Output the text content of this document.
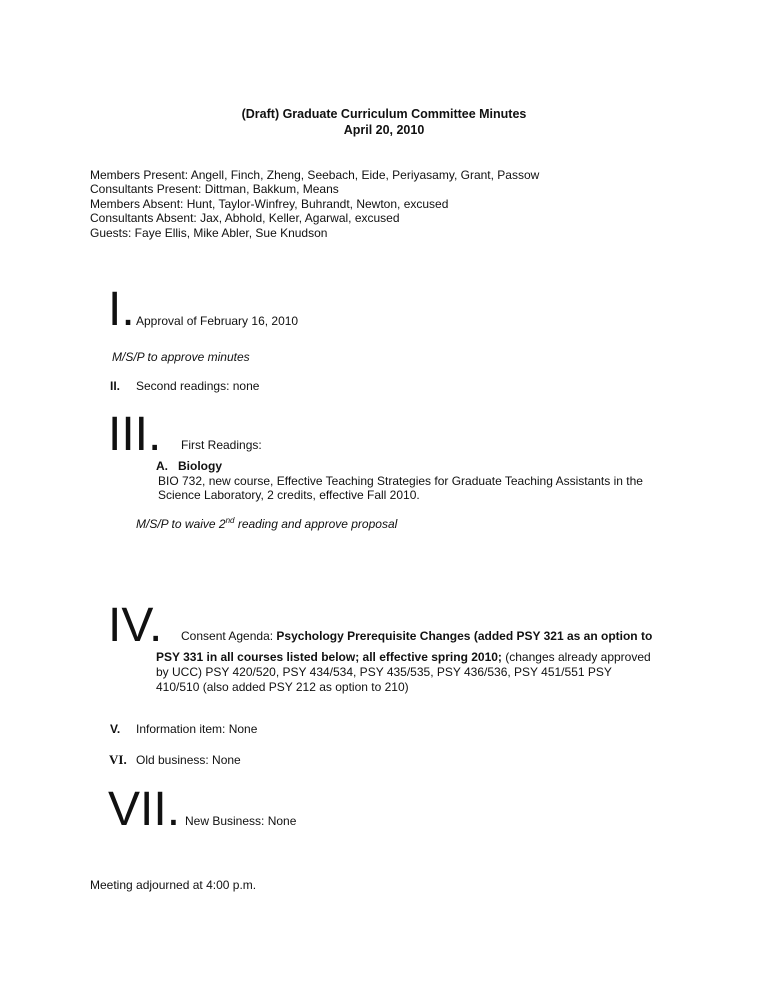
(Draft) Graduate Curriculum Committee Minutes
April 20, 2010
Members Present: Angell, Finch, Zheng, Seebach, Eide, Periyasamy, Grant, Passow
Consultants Present: Dittman, Bakkum, Means
Members Absent: Hunt, Taylor-Winfrey, Buhrandt, Newton, excused
Consultants Absent: Jax, Abhold, Keller, Agarwal, excused
Guests: Faye Ellis, Mike Abler, Sue Knudson
I. Approval of February 16, 2010
M/S/P to approve minutes
II. Second readings: none
III. First Readings:
A. Biology
BIO 732, new course, Effective Teaching Strategies for Graduate Teaching Assistants in the
Science Laboratory, 2 credits, effective Fall 2010.
M/S/P to waive 2nd reading and approve proposal
IV. Consent Agenda: Psychology Prerequisite Changes (added PSY 321 as an option to
PSY 331 in all courses listed below; all effective spring 2010; (changes already approved
by UCC) PSY 420/520, PSY 434/534, PSY 435/535, PSY 436/536, PSY 451/551 PSY
410/510 (also added PSY 212 as option to 210)
V. Information item: None
VI. Old business: None
VII. New Business: None
Meeting adjourned at 4:00 p.m.
